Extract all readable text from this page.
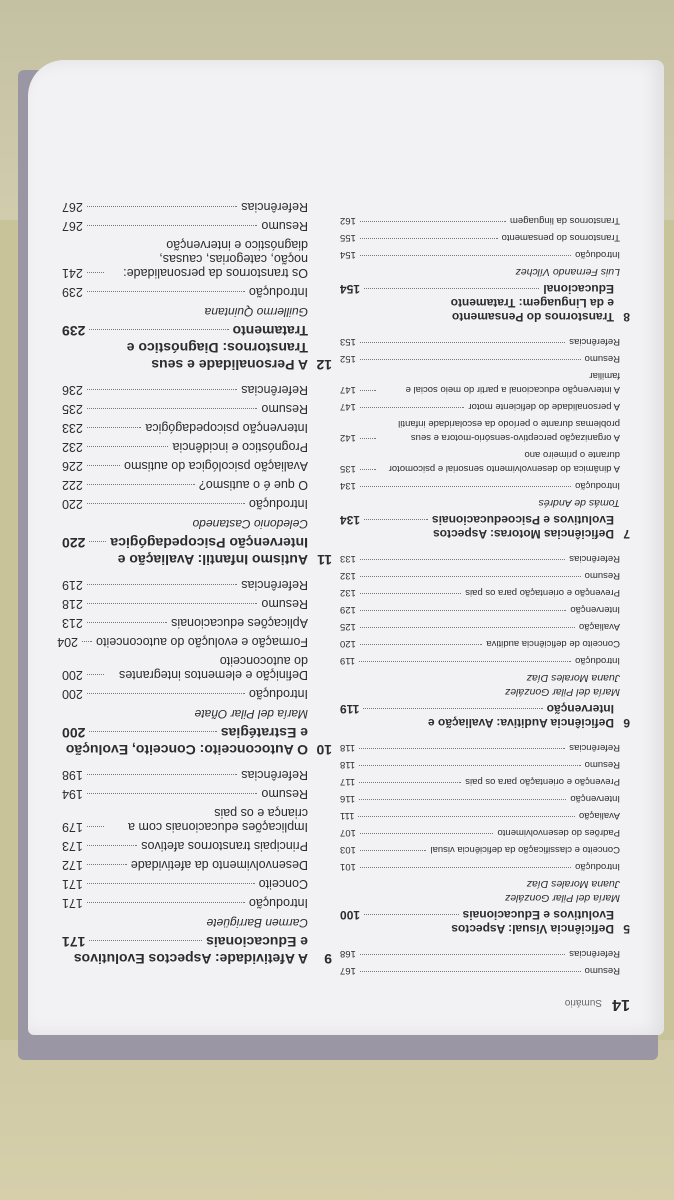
14 Sumário
Resumo
167
Referências
168
5Deficiência Visual: Aspectos
Evolutivos e Educacionais
100
María del Pilar González
Juana Morales Díaz
Introdução
101
Conceito e classificação da deficiência visual
103
Padrões do desenvolvimento
107
Avaliação
111
Intervenção
116
Prevenção e orientação para os pais
117
Resumo
118
Referências
118
6Deficiência Auditiva: Avaliação e
Intervenção
119
María del Pilar González
Juana Morales Díaz
Introdução
119
Conceito de deficiência auditiva
120
Avaliação
125
Intervenção
129
Prevenção e orientação para os pais
132
Resumo
132
Referências
133
7Deficiências Motoras: Aspectos
Evolutivos e Psicoeducacionais
134
Tomás de Andrés
Introdução
134
A dinâmica do desenvolvimento sensorial e psicomotor durante o primeiro ano
135
A organização perceptivo-sensório-motora e seus problemas durante o período da escolaridade infantil
142
A personalidade do deficiente motor
147
A intervenção educacional a partir do meio social e familiar
147
Resumo
152
Referências
153
8Transtornos do Pensamento
e da Linguagem: Tratamento
Educacional
154
Luis Fernando Vílchez
Introdução
154
Transtornos do pensamento
155
Transtornos da linguagem
162
9A Afetividade: Aspectos Evolutivos
e Educacionais
171
Carmen Barrigüete
Introdução
171
Conceito
171
Desenvolvimento da afetividade
172
Principais transtornos afetivos
173
Implicações educacionais com a criança e os pais
179
Resumo
194
Referências
198
10O Autoconceito: Conceito, Evolução
e Estratégias
200
María del Pilar Oñate
Introdução
200
Definição e elementos integrantes do autoconceito
200
Formação e evolução do autoconceito
204
Aplicações educacionais
213
Resumo
218
Referências
219
11Autismo Infantil: Avaliação e
Intervenção Psicopedagógica
220
Celedonio Castanedo
Introdução
220
O que é o autismo?
222
Avaliação psicológica do autismo
226
Prognóstico e incidência
232
Intervenção psicopedagógica
233
Resumo
235
Referências
236
12A Personalidade e seus
Transtornos: Diagnóstico e
Tratamento
239
Guillermo Quintana
Introdução
239
Os transtornos da personalidade: noção, categorias, causas, diagnóstico e intervenção
241
Resumo
267
Referências
267
